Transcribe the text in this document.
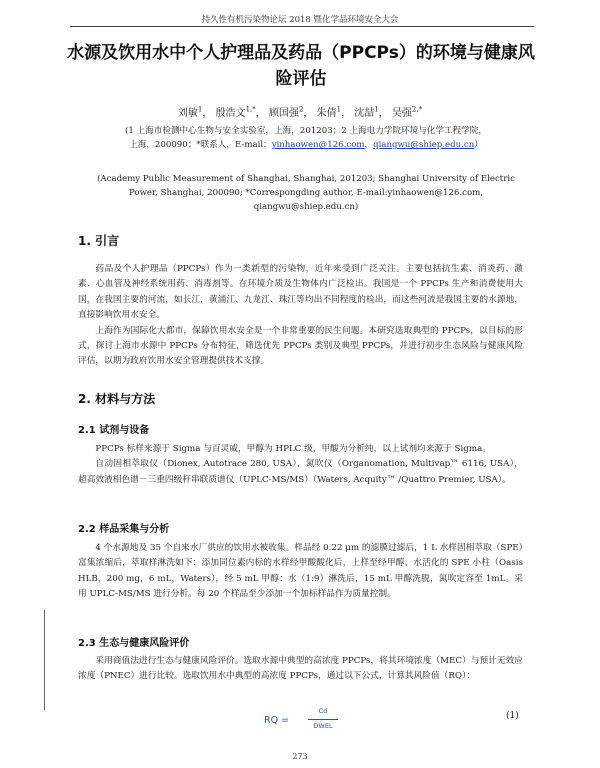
持久性有机污染物论坛 2018 暨化学品环境安全大会
水源及饮用水中个人护理品及药品（PPCPs）的环境与健康风险评估
刘敏$^1$， 殷浩文$^{1,*}$， 顾国强$^2$， 朱倩$^1$， 沈喆$^1$， 吴强$^{2,*}$
(1 上海市检测中心生物与安全实验室，上海，201203；2 上海电力学院环境与化学工程学院，
上海，200090；*联系人，E-mail：yinhaowen@126.com，qiangwu@shiep.edu.cn）
(Academy Public Measurement of Shanghai, Shanghai, 201203; Shanghai University of Electric
Power, Shanghai, 200090; *Correspongding author, E-mail:yinhaowen@126.com,
qiangwu@shiep.edu.cn)
1. 引言

药品及个人护理品（PPCPs）作为一类新型的污染物，近年来受到广泛关注。主要包括抗生素、消炎药、激素、心血管及神经系统用药、消毒剂等。在环境介质及生物体内广泛检出。我国是一个 PPCPs 生产和消费使用大国，在我国主要的河流，如长江，黄浦江、九龙江、珠江等均出不同程度的检出，而这些河流是我国主要的水源地，直接影响饮用水安全。

上海作为国际化大都市，保障饮用水安全是一个非常重要的民生问题。本研究选取典型的 PPCPs，以目标的形式，探讨上海市水源中 PPCPs 分布特征，筛选优先 PPCPs 类别及典型 PPCPs，并进行初步生态风险与健康风险评估，以期为政府饮用水安全管理提供技术支撑。

2. 材料与方法
2.1 试剂与设备

PPCPs 标样来源于 Sigma 与百灵威，甲醇为 HPLC 级，甲酸为分析纯，以上试剂均来源于 Sigma。

自动固相萃取仪（Dionex, Autotrace 280, USA），氮吹仪（Organomation, Multivap™ 6116, USA），超高效液相色谱－三重四级杆串联质谱仪（UPLC-MS/MS）（Waters, Acquity™ /Quattro Premier, USA）。

2.2 样品采集与分析

4 个水源地及 35 个自来水厂供应的饮用水被收集。样品经 0.22 μm 的滤膜过滤后，1 L 水样固相萃取（SPE）富集浓缩后，萃取样淋洗如下：添加同位素内标的水样经甲酸酸化后，上样至经甲醇、水活化的 SPE 小柱（Oasis HLB，200 mg，6 mL，Waters），经 5 mL 甲醇：水（1:9）淋洗后，15 mL 甲醇洗脱，氮吹定容至 1mL。采用 UPLC-MS/MS 进行分析。每 20 个样品至少添加一个加标样品作为质量控制。

2.3 生态与健康风险评价

采用商值法进行生态与健康风险评价。选取水源中典型的高浓度 PPCPs，将其环境浓度（MEC）与预计无效应浓度（PNEC）进行比较。选取饮用水中典型的高浓度 PPCPs，通过以下公式，计算其风险值（RQ）：

RQ =
Cd
DWEL
(1)
273
